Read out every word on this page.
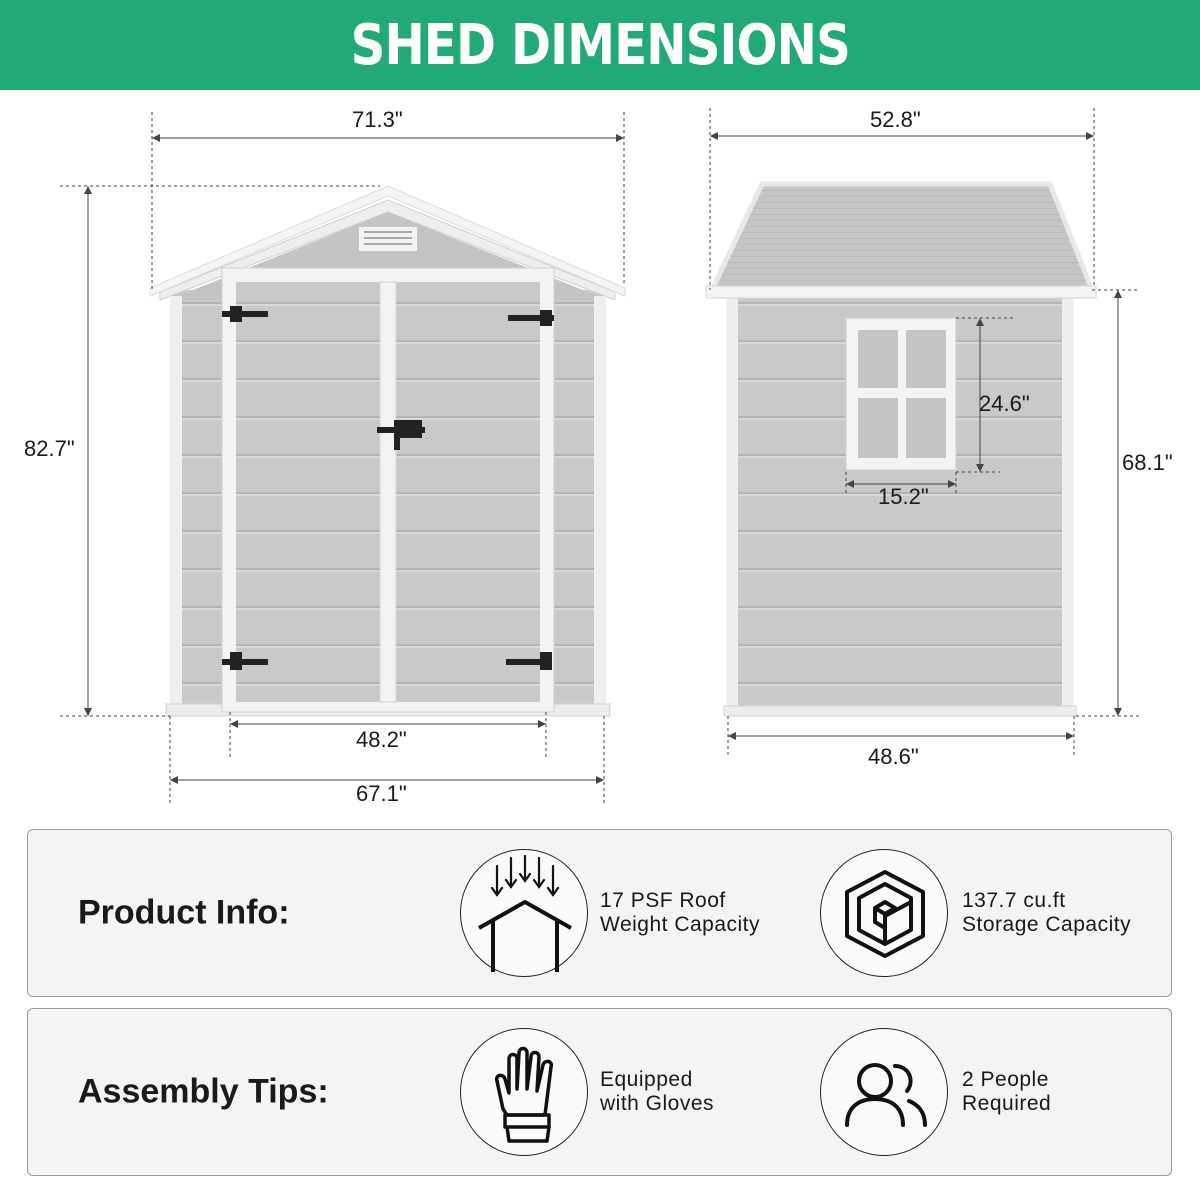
SHED DIMENSIONS
71.3"
82.7"
48.2"
67.1"
52.8"
68.1"
24.6"
15.2"
48.6"
Product Info:	17 PSF Roof
Weight Capacity
137.7 cu.ft
Storage Capacity
Assembly Tips:	Equipped
with Gloves
2 People
Required
